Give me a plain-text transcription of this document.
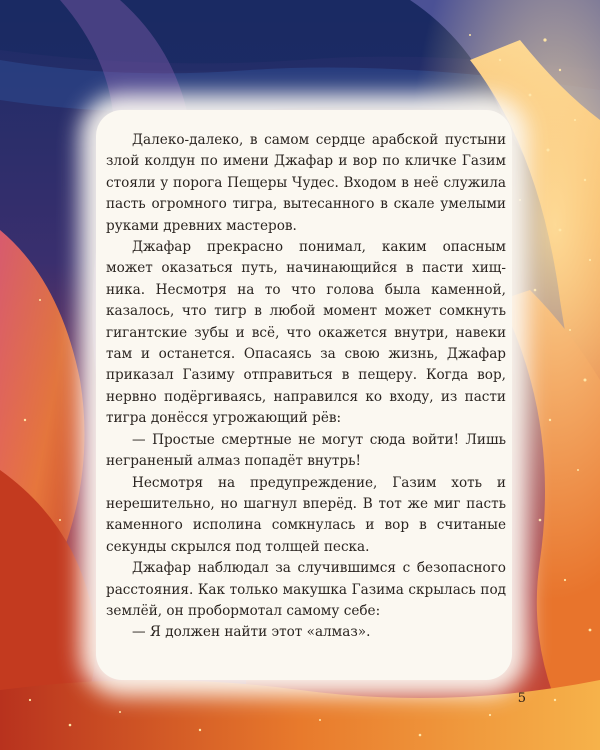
Далеко-далеко, в самом сердце арабской пустыни злой колдун по имени Джафар и вор по кличке Газим стояли у порога Пещеры Чудес. Входом в неё служила пасть огромного тигра, вытесанного в скале умелыми руками древних мастеров.

Джафар прекрасно понимал, каким опасным может оказаться путь, начинающийся в пасти хищника. Несмотря на то что голова была каменной, казалось, что тигр в любой момент может сомкнуть гигантские зубы и всё, что окажется внутри, навеки там и останется. Опасаясь за свою жизнь, Джафар приказал Газиму отправиться в пещеру. Когда вор, нервно подёргиваясь, направился ко входу, из пасти тигра донёсся угрожающий рёв:

— Простые смертные не могут сюда войти! Лишь неграненый алмаз попадёт внутрь!

Несмотря на предупреждение, Газим хоть и нерешительно, но шагнул вперёд. В тот же миг пасть каменного исполина сомкнулась и вор в считаные секунды скрылся под толщей песка.

Джафар наблюдал за случившимся с безопасного расстояния. Как только макушка Газима скрылась под землёй, он пробормотал самому себе:

— Я должен найти этот «алмаз».

5
